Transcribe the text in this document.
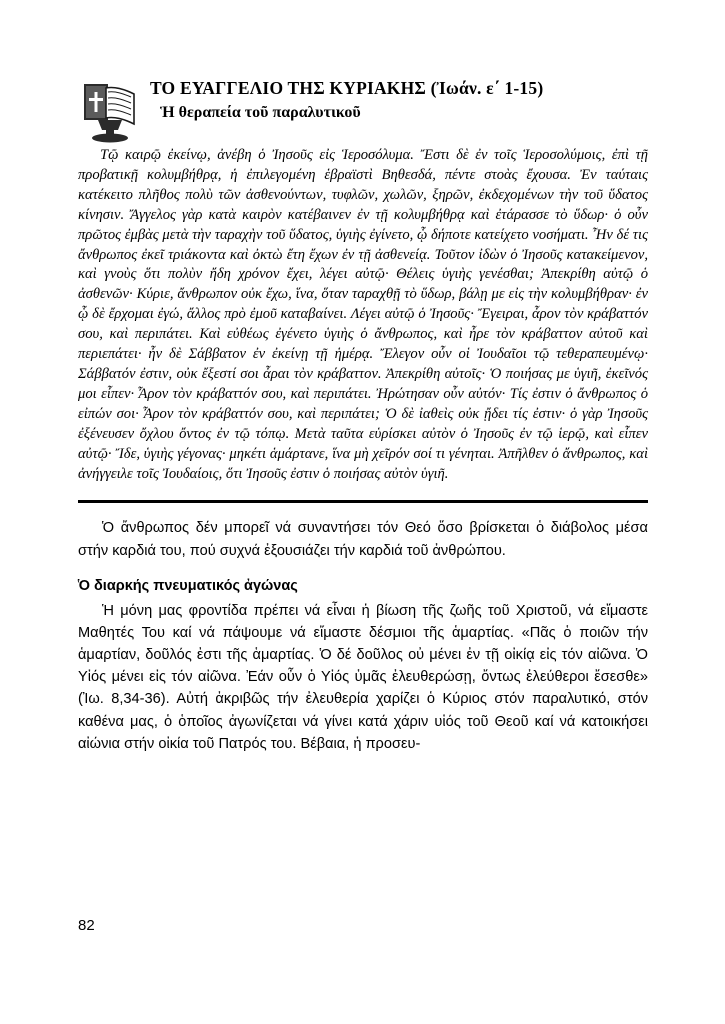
ΤΟ ΕΥΑΓΓΕΛΙΟ ΤΗΣ ΚΥΡΙΑΚΗΣ (Ἰωάν. ε΄ 1-15)
Ἡ θεραπεία τοῦ παραλυτικοῦ

Τῷ καιρῷ ἐκείνῳ, ἀνέβη ὁ Ἰησοῦς εἰς Ἱεροσόλυμα. Ἔστι δὲ ἐν τοῖς Ἱεροσολύμοις, ἐπὶ τῇ προβατικῇ κολυμβήθρᾳ, ἡ ἐπιλεγομένη ἑβραϊστὶ Βηθεσδά, πέντε στοὰς ἔχουσα. Ἐν ταύταις κατέκειτο πλῆθος πολὺ τῶν ἀσθενούντων, τυφλῶν, χωλῶν, ξηρῶν, ἐκδεχομένων τὴν τοῦ ὕδατος κίνησιν. Ἄγγελος γὰρ κατὰ καιρὸν κατέβαινεν ἐν τῇ κολυμβήθρᾳ καὶ ἐτάρασσε τὸ ὕδωρ· ὁ οὖν πρῶτος ἐμβὰς μετὰ τὴν ταραχὴν τοῦ ὕδατος, ὑγιὴς ἐγίνετο, ᾧ δήποτε κατείχετο νοσήματι. Ἦν δέ τις ἄνθρωπος ἐκεῖ τριάκοντα καὶ ὀκτὼ ἔτη ἔχων ἐν τῇ ἀσθενείᾳ. Τοῦτον ἰδὼν ὁ Ἰησοῦς κατακείμενον, καὶ γνοὺς ὅτι πολὺν ἤδη χρόνον ἔχει, λέγει αὐτῷ· Θέλεις ὑγιὴς γενέσθαι; Ἀπεκρίθη αὐτῷ ὁ ἀσθενῶν· Κύριε, ἄνθρωπον οὐκ ἔχω, ἵνα, ὅταν ταραχθῇ τὸ ὕδωρ, βάλῃ με εἰς τὴν κολυμβήθραν· ἐν ᾧ δὲ ἔρχομαι ἐγώ, ἄλλος πρὸ ἐμοῦ καταβαίνει. Λέγει αὐτῷ ὁ Ἰησοῦς· Ἔγειραι, ἆρον τὸν κράβαττόν σου, καὶ περιπάτει. Καὶ εὐθέως ἐγένετο ὑγιὴς ὁ ἄνθρωπος, καὶ ἦρε τὸν κράβαττον αὐτοῦ καὶ περιεπάτει· ἦν δὲ Σάββατον ἐν ἐκείνῃ τῇ ἡμέρᾳ. Ἔλεγον οὖν οἱ Ἰουδαῖοι τῷ τεθεραπευμένῳ· Σάββατόν ἐστιν, οὐκ ἔξεστί σοι ἆραι τὸν κράβαττον. Ἀπεκρίθη αὐτοῖς· Ὁ ποιήσας με ὑγιῆ, ἐκεῖνός μοι εἶπεν· Ἆρον τὸν κράβαττόν σου, καὶ περιπάτει. Ἠρώτησαν οὖν αὐτόν· Τίς ἐστιν ὁ ἄνθρωπος ὁ εἰπών σοι· Ἆρον τὸν κράβαττόν σου, καὶ περιπάτει; Ὁ δὲ ἰαθεὶς οὐκ ᾔδει τίς ἐστιν· ὁ γὰρ Ἰησοῦς ἐξένευσεν ὄχλου ὄντος ἐν τῷ τόπῳ. Μετὰ ταῦτα εὑρίσκει αὐτὸν ὁ Ἰησοῦς ἐν τῷ ἱερῷ, καὶ εἶπεν αὐτῷ· Ἴδε, ὑγιὴς γέγονας· μηκέτι ἁμάρτανε, ἵνα μὴ χεῖρόν σοί τι γένηται. Ἀπῆλθεν ὁ ἄνθρωπος, καὶ ἀνήγγειλε τοῖς Ἰουδαίοις, ὅτι Ἰησοῦς ἐστιν ὁ ποιήσας αὐτὸν ὑγιῆ.

Ὁ ἄνθρωπος δέν μπορεῖ νά συναντήσει τόν Θεό ὅσο βρίσκεται ὁ διάβολος μέσα στήν καρδιά του, πού συχνά ἐξουσιάζει τήν καρδιά τοῦ ἀνθρώπου.

Ὁ διαρκής πνευματικός ἀγώνας

Ἡ μόνη μας φροντίδα πρέπει νά εἶναι ἡ βίωση τῆς ζωῆς τοῦ Χριστοῦ, νά εἴμαστε Μαθητές Του καί νά πάψουμε νά εἴμαστε δέσμιοι τῆς ἁμαρτίας. «Πᾶς ὁ ποιῶν τήν ἁμαρτίαν, δοῦλός ἐστι τῆς ἁμαρτίας. Ὁ δέ δοῦλος οὐ μένει ἐν τῇ οἰκίᾳ εἰς τόν αἰῶνα. Ὁ Υἱός μένει εἰς τόν αἰῶνα. Ἐάν οὖν ὁ Υἱός ὑμᾶς ἐλευθερώσῃ, ὄντως ἐλεύθεροι ἔσεσθε» (Ἰω. 8,34-36). Αὐτή ἀκριβῶς τήν ἐλευθερία χαρίζει ὁ Κύριος στόν παραλυτικό, στόν καθένα μας, ὁ ὁποῖος ἀγωνίζεται νά γίνει κατά χάριν υἱός τοῦ Θεοῦ καί νά κατοικήσει αἰώνια στήν οἰκία τοῦ Πατρός του. Βέβαια, ἡ προσευ-

82
